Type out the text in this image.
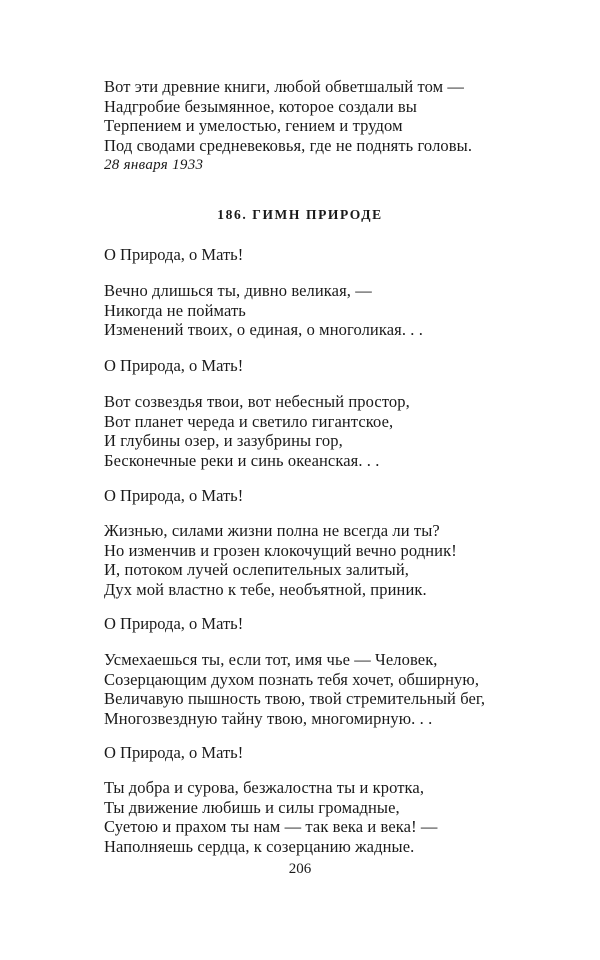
Вот эти древние книги, любой обветшалый том —
Надгробие безымянное, которое создали вы
Терпением и умелостью, гением и трудом
Под сводами средневековья, где не поднять головы.
28 января 1933
186. ГИМН ПРИРОДЕ
О Природа, о Мать!
Вечно длишься ты, дивно великая, —
Никогда не поймать
Изменений твоих, о единая, о многоликая. . .
О Природа, о Мать!
Вот созвездья твои, вот небесный простор,
Вот планет череда и светило гигантское,
И глубины озер, и зазубрины гор,
Бесконечные реки и синь океанская. . .
О Природа, о Мать!
Жизнью, силами жизни полна не всегда ли ты?
Но изменчив и грозен клокочущий вечно родник!
И, потоком лучей ослепительных залитый,
Дух мой властно к тебе, необъятной, приник.
О Природа, о Мать!
Усмехаешься ты, если тот, имя чье — Человек,
Созерцающим духом познать тебя хочет, обширную,
Величавую пышность твою, твой стремительный бег,
Многозвездную тайну твою, многомирную. . .
О Природа, о Мать!
Ты добра и сурова, безжалостна ты и кротка,
Ты движение любишь и силы громадные,
Суетою и прахом ты нам — так века и века! —
Наполняешь сердца, к созерцанию жадные.
206
